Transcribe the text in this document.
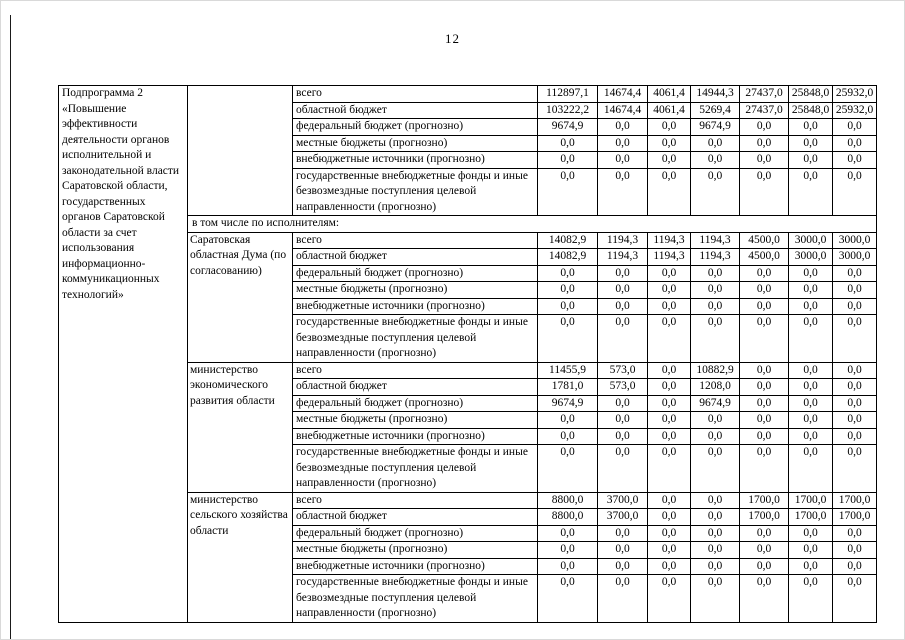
12
Подпрограмма 2 «Повышение эффективности деятельности органов исполнительной и законодательной власти Саратовской области, государственных органов Саратовской области за счет использования информационно-коммуникационных технологий»		всего	112897,1	14674,4	4061,4	14944,3	27437,0	25848,0	25932,0
		областной бюджет	103222,2	14674,4	4061,4	5269,4	27437,0	25848,0	25932,0
		федеральный бюджет (прогнозно)	9674,9	0,0	0,0	9674,9	0,0	0,0	0,0
		местные бюджеты (прогнозно)	0,0	0,0	0,0	0,0	0,0	0,0	0,0
		внебюджетные источники (прогнозно)	0,0	0,0	0,0	0,0	0,0	0,0	0,0
		государственные внебюджетные фонды и иные безвозмездные поступления целевой направленности (прогнозно)	0,0	0,0	0,0	0,0	0,0	0,0	0,0
	в том числе по исполнителям:								
	Саратовская областная Дума (по согласованию)	всего	14082,9	1194,3	1194,3	1194,3	4500,0	3000,0	3000,0
		областной бюджет	14082,9	1194,3	1194,3	1194,3	4500,0	3000,0	3000,0
		федеральный бюджет (прогнозно)	0,0	0,0	0,0	0,0	0,0	0,0	0,0
		местные бюджеты (прогнозно)	0,0	0,0	0,0	0,0	0,0	0,0	0,0
		внебюджетные источники (прогнозно)	0,0	0,0	0,0	0,0	0,0	0,0	0,0
		государственные внебюджетные фонды и иные безвозмездные поступления целевой направленности (прогнозно)	0,0	0,0	0,0	0,0	0,0	0,0	0,0
	министерство экономического развития области	всего	11455,9	573,0	0,0	10882,9	0,0	0,0	0,0
		областной бюджет	1781,0	573,0	0,0	1208,0	0,0	0,0	0,0
		федеральный бюджет (прогнозно)	9674,9	0,0	0,0	9674,9	0,0	0,0	0,0
		местные бюджеты (прогнозно)	0,0	0,0	0,0	0,0	0,0	0,0	0,0
		внебюджетные источники (прогнозно)	0,0	0,0	0,0	0,0	0,0	0,0	0,0
		государственные внебюджетные фонды и иные безвозмездные поступления целевой направленности (прогнозно)	0,0	0,0	0,0	0,0	0,0	0,0	0,0
	министерство сельского хозяйства области	всего	8800,0	3700,0	0,0	0,0	1700,0	1700,0	1700,0
		областной бюджет	8800,0	3700,0	0,0	0,0	1700,0	1700,0	1700,0
		федеральный бюджет (прогнозно)	0,0	0,0	0,0	0,0	0,0	0,0	0,0
		местные бюджеты (прогнозно)	0,0	0,0	0,0	0,0	0,0	0,0	0,0
		внебюджетные источники (прогнозно)	0,0	0,0	0,0	0,0	0,0	0,0	0,0
		государственные внебюджетные фонды и иные безвозмездные поступления целевой направленности (прогнозно)	0,0	0,0	0,0	0,0	0,0	0,0	0,0
